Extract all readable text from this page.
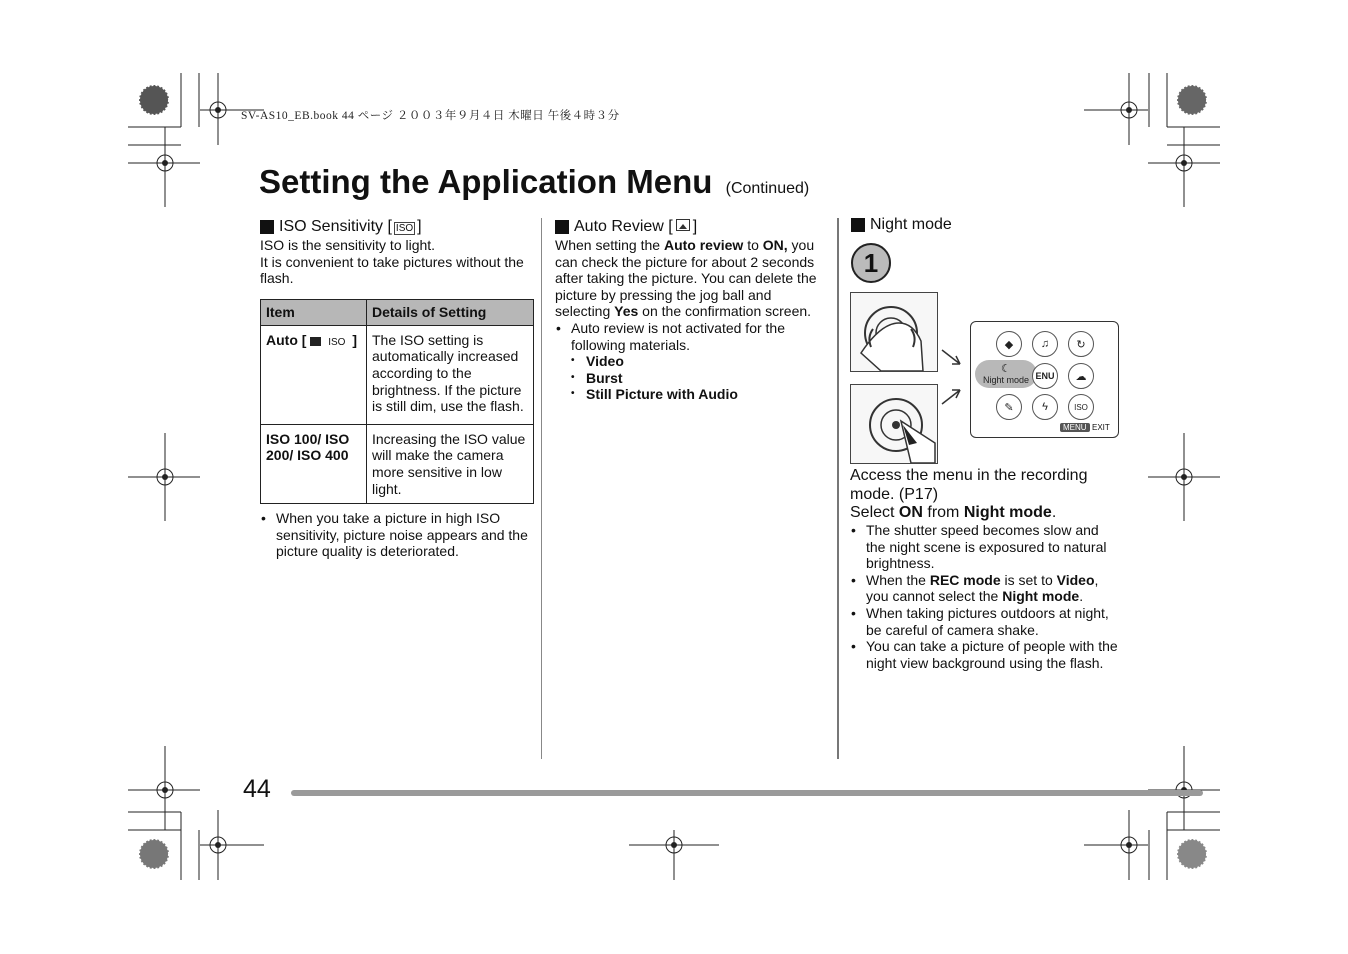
SV-AS10_EB.book 44 ページ ２００３年９月４日 木曜日 午後４時３分
Setting the Application Menu (Continued)
ISO Sensitivity [ ISO ]
ISO is the sensitivity to light.
It is convenient to take pictures without the flash.
Item	Details of Setting
Auto [ ISO ]	The ISO setting is automatically increased according to the brightness. If the picture is still dim, use the flash.
ISO 100/ ISO 200/ ISO 400	Increasing the ISO value will make the camera more sensitive in low light.
• When you take a picture in high ISO sensitivity, picture noise appears and the picture quality is deteriorated.
Auto Review [ ]
When setting the Auto review to ON, you can check the picture for about 2 seconds after taking the picture. You can delete the picture by pressing the jog ball and selecting Yes on the confirmation screen.
• Auto review is not activated for the following materials.
• Video
• Burst
• Still Picture with Audio
Night mode
1
◆	♫	↻
Night mode
☾
ENU	☁
✎	ϟ	ISO
MENU EXIT
Access the menu in the recording mode. (P17)
Select ON from Night mode.
• The shutter speed becomes slow and the night scene is exposured to natural brightness.
• When the REC mode is set to Video, you cannot select the Night mode.
• When taking pictures outdoors at night, be careful of camera shake.
• You can take a picture of people with the night view background using the flash.
44
